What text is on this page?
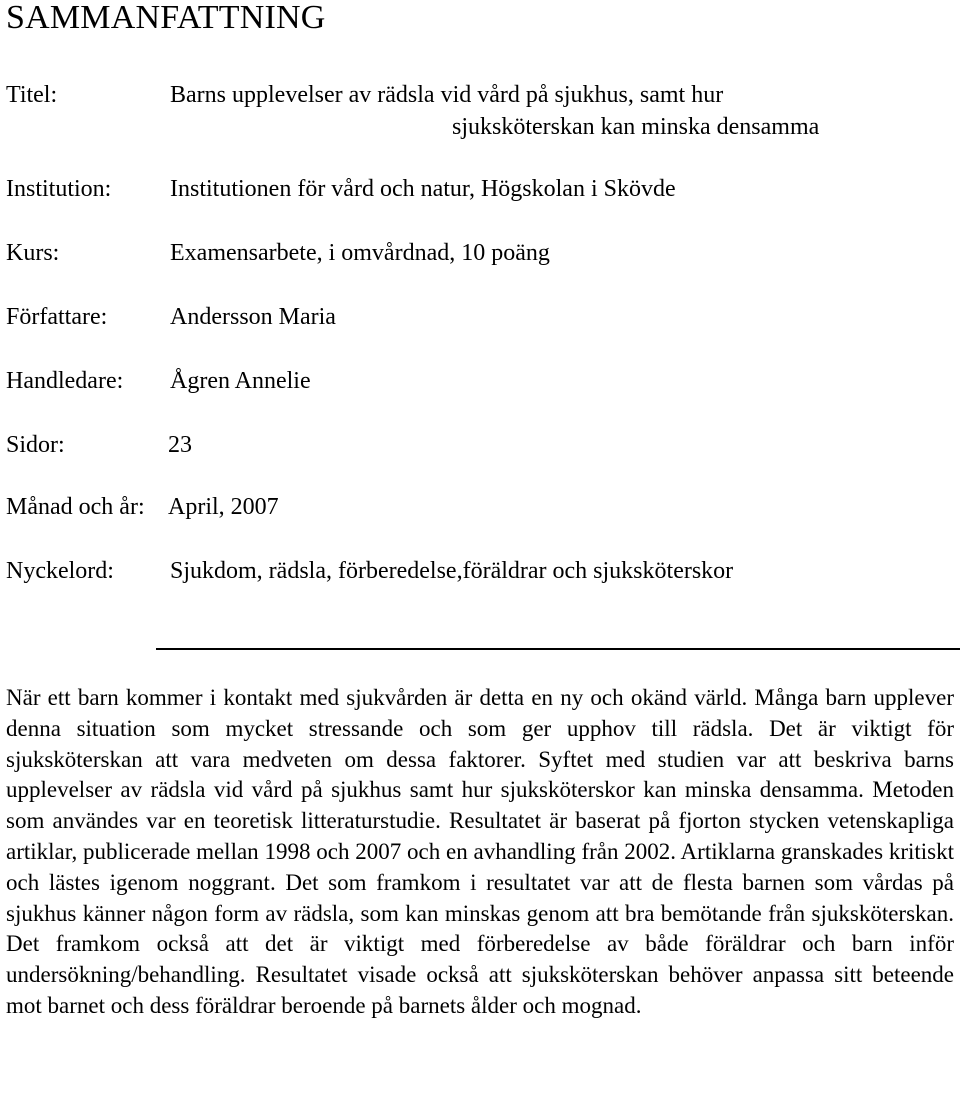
SAMMANFATTNING
Titel:	Barns upplevelser av rädsla vid vård på sjukhus, samt hur
sjuksköterskan kan minska densamma
Institution: Institutionen för vård och natur, Högskolan i Skövde
Kurs:	Examensarbete, i omvårdnad, 10 poäng
Författare:	Andersson Maria
Handledare: Ågren Annelie
Sidor:	23
Månad och år: April, 2007
Nyckelord: Sjukdom, rädsla, förberedelse,föräldrar och sjuksköterskor

När ett barn kommer i kontakt med sjukvården är detta en ny och okänd värld. Många barn upplever denna situation som mycket stressande och som ger upphov till rädsla. Det är viktigt för sjuksköterskan att vara medveten om dessa faktorer. Syftet med studien var att beskriva barns upplevelser av rädsla vid vård på sjukhus samt hur sjuksköterskor kan minska densamma. Metoden som användes var en teoretisk litteraturstudie. Resultatet är baserat på fjorton stycken vetenskapliga artiklar, publicerade mellan 1998 och 2007 och en avhandling från 2002. Artiklarna granskades kritiskt och lästes igenom noggrant. Det som framkom i resultatet var att de flesta barnen som vårdas på sjukhus känner någon form av rädsla, som kan minskas genom att bra bemötande från sjuksköterskan. Det framkom också att det är viktigt med förberedelse av både föräldrar och barn inför undersökning/behandling. Resultatet visade också att sjuksköterskan behöver anpassa sitt beteende mot barnet och dess föräldrar beroende på barnets ålder och mognad.
